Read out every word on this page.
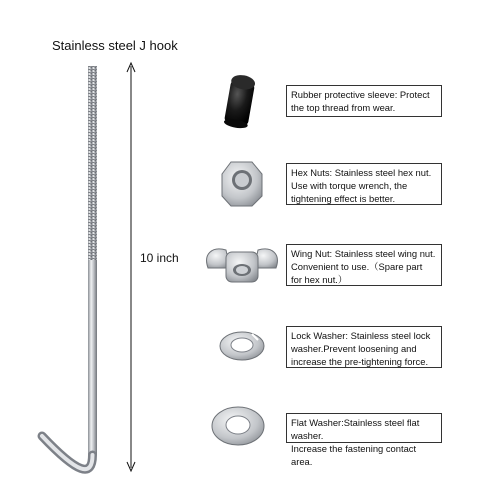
Stainless steel J hook
10 inch
Rubber protective sleeve: Protect
the top thread from wear.
Hex Nuts: Stainless steel hex nut.
Use with torque wrench, the
tightening effect is better.
Wing Nut: Stainless steel wing nut.
Convenient to use.（Spare part
for hex nut.）
Lock Washer: Stainless steel lock
washer.Prevent loosening and
increase the pre-tightening force.
Flat Washer:Stainless steel flat washer.
Increase the fastening contact area.
